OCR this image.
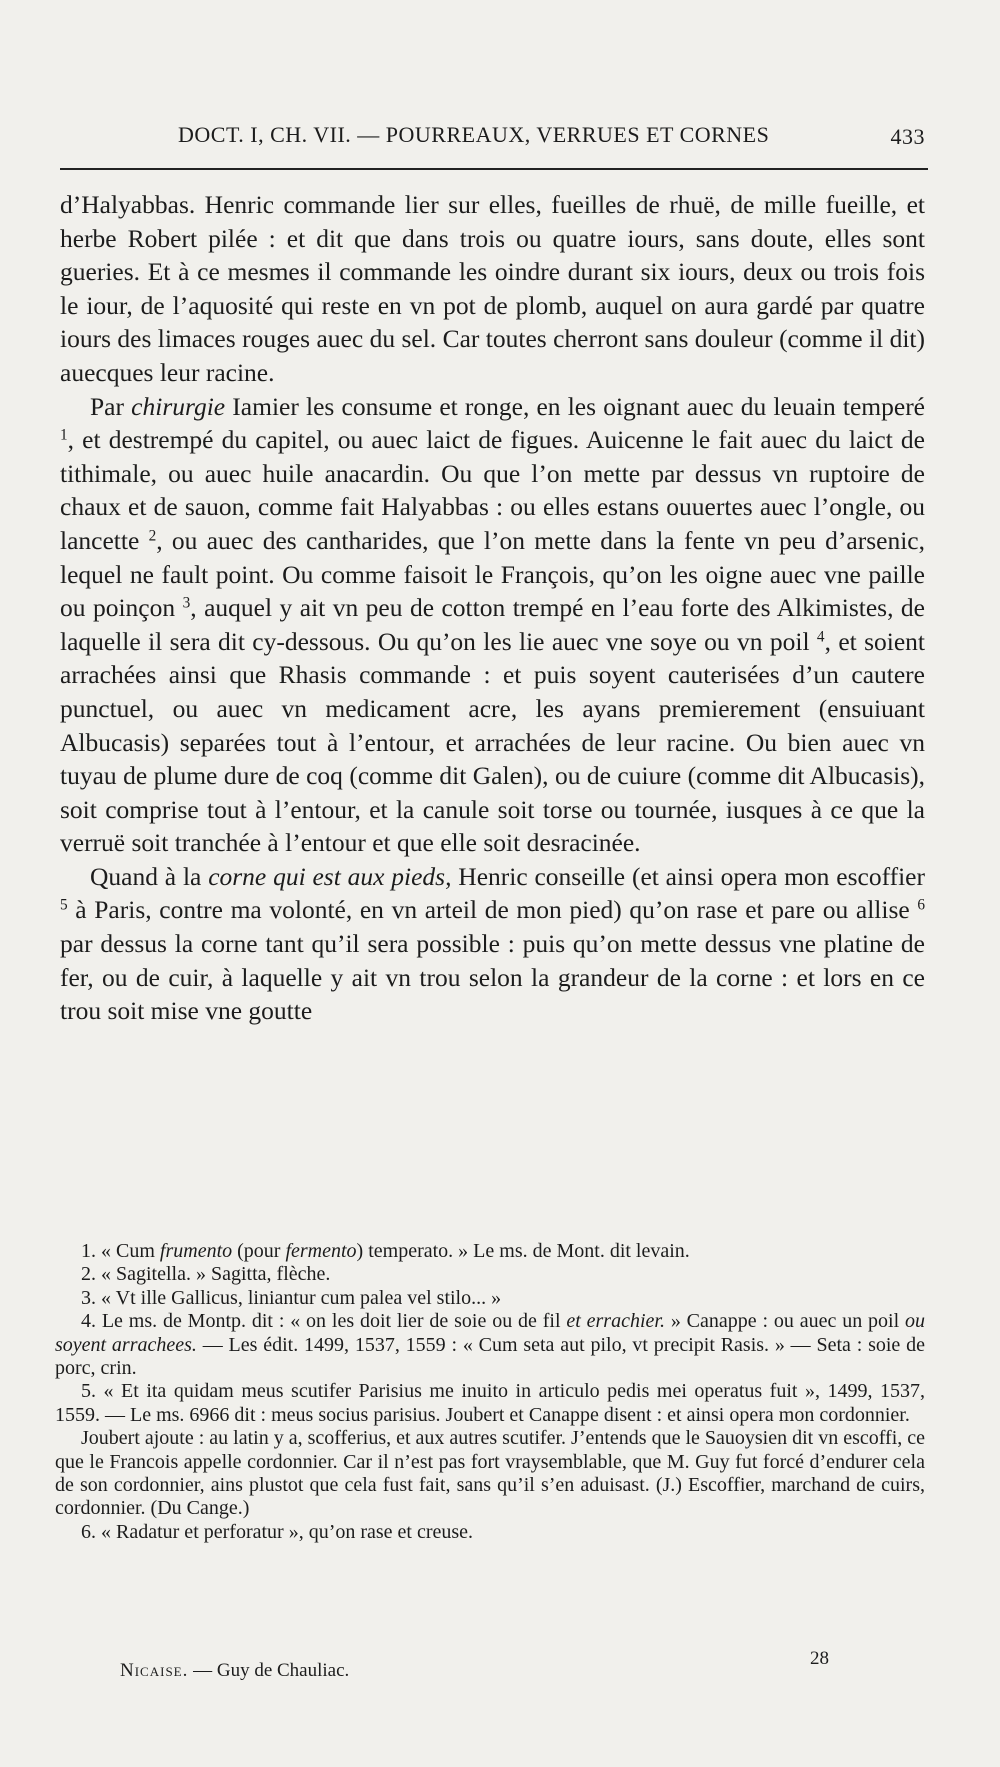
DOCT. I, CH. VII. — POURREAUX, VERRUES ET CORNES	433

d’Halyabbas. Henric commande lier sur elles, fueilles de rhuë, de mille fueille, et herbe Robert pilée : et dit que dans trois ou quatre iours, sans doute, elles sont gueries. Et à ce mesmes il commande les oindre durant six iours, deux ou trois fois le iour, de l’aquosité qui reste en vn pot de plomb, auquel on aura gardé par quatre iours des limaces rouges auec du sel. Car toutes cherront sans douleur (comme il dit) auecques leur racine.

Par chirurgie Iamier les consume et ronge, en les oignant auec du leuain temperé $^1$, et destrempé du capitel, ou auec laict de figues. Auicenne le fait auec du laict de tithimale, ou auec huile anacardin. Ou que l’on mette par dessus vn ruptoire de chaux et de sauon, comme fait Halyabbas : ou elles estans ouuertes auec l’ongle, ou lancette $^2$, ou auec des cantharides, que l’on mette dans la fente vn peu d’arsenic, lequel ne fault point. Ou comme faisoit le François, qu’on les oigne auec vne paille ou poinçon $^3$, auquel y ait vn peu de cotton trempé en l’eau forte des Alkimistes, de laquelle il sera dit cy-dessous. Ou qu’on les lie auec vne soye ou vn poil $^4$, et soient arrachées ainsi que Rhasis commande : et puis soyent cauterisées d’un cautere punctuel, ou auec vn medicament acre, les ayans premierement (ensuiuant Albucasis) separées tout à l’entour, et arrachées de leur racine. Ou bien auec vn tuyau de plume dure de coq (comme dit Galen), ou de cuiure (comme dit Albucasis), soit comprise tout à l’entour, et la canule soit torse ou tournée, iusques à ce que la verruë soit tranchée à l’entour et que elle soit desracinée.

Quand à la corne qui est aux pieds, Henric conseille (et ainsi opera mon escoffier $^5$ à Paris, contre ma volonté, en vn arteil de mon pied) qu’on rase et pare ou allise $^6$ par dessus la corne tant qu’il sera possible : puis qu’on mette dessus vne platine de fer, ou de cuir, à laquelle y ait vn trou selon la grandeur de la corne : et lors en ce trou soit mise vne goutte

1. « Cum frumento (pour fermento) temperato. » Le ms. de Mont. dit levain.

2. « Sagitella. » Sagitta, flèche.

3. « Vt ille Gallicus, liniantur cum palea vel stilo... »

4. Le ms. de Montp. dit : « on les doit lier de soie ou de fil et errachier. » Canappe : ou auec un poil ou soyent arrachees. — Les édit. 1499, 1537, 1559 : « Cum seta aut pilo, vt precipit Rasis. » — Seta : soie de porc, crin.

5. « Et ita quidam meus scutifer Parisius me inuito in articulo pedis mei operatus fuit », 1499, 1537, 1559. — Le ms. 6966 dit : meus socius parisius. Joubert et Canappe disent : et ainsi opera mon cordonnier.

Joubert ajoute : au latin y a, scofferius, et aux autres scutifer. J’entends que le Sauoysien dit vn escoffi, ce que le Francois appelle cordonnier. Car il n’est pas fort vraysemblable, que M. Guy fut forcé d’endurer cela de son cordonnier, ains plustot que cela fust fait, sans qu’il s’en aduisast. (J.) Escoffier, marchand de cuirs, cordonnier. (Du Cange.)

6. « Radatur et perforatur », qu’on rase et creuse.

Nicaise. — Guy de Chauliac.
28
